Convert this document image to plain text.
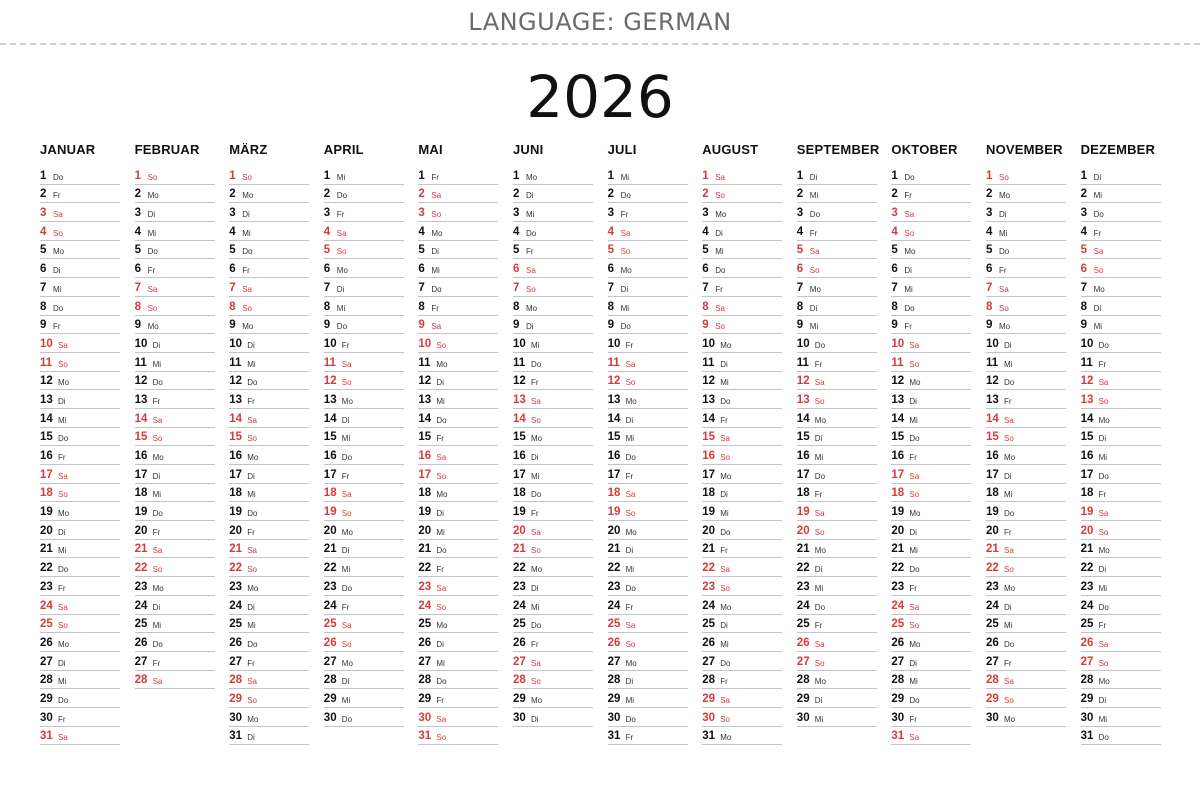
LANGUAGE: GERMAN
2026
JANUAR
1 Do
2 Fr
3 Sa
4 So
5 Mo
6 Di
7 Mi
8 Do
9 Fr
10 Sa
11 So
12 Mo
13 Di
14 Mi
15 Do
16 Fr
17 Sa
18 So
19 Mo
20 Di
21 Mi
22 Do
23 Fr
24 Sa
25 So
26 Mo
27 Di
28 Mi
29 Do
30 Fr
31 Sa
FEBRUAR
1 So
2 Mo
3 Di
4 Mi
5 Do
6 Fr
7 Sa
8 So
9 Mo
10 Di
11 Mi
12 Do
13 Fr
14 Sa
15 So
16 Mo
17 Di
18 Mi
19 Do
20 Fr
21 Sa
22 So
23 Mo
24 Di
25 Mi
26 Do
27 Fr
28 Sa
MÄRZ
1 So
2 Mo
3 Di
4 Mi
5 Do
6 Fr
7 Sa
8 So
9 Mo
10 Di
11 Mi
12 Do
13 Fr
14 Sa
15 So
16 Mo
17 Di
18 Mi
19 Do
20 Fr
21 Sa
22 So
23 Mo
24 Di
25 Mi
26 Do
27 Fr
28 Sa
29 So
30 Mo
31 Di
APRIL
1 Mi
2 Do
3 Fr
4 Sa
5 So
6 Mo
7 Di
8 Mi
9 Do
10 Fr
11 Sa
12 So
13 Mo
14 Di
15 Mi
16 Do
17 Fr
18 Sa
19 So
20 Mo
21 Di
22 Mi
23 Do
24 Fr
25 Sa
26 So
27 Mo
28 Di
29 Mi
30 Do
MAI
1 Fr
2 Sa
3 So
4 Mo
5 Di
6 Mi
7 Do
8 Fr
9 Sa
10 So
11 Mo
12 Di
13 Mi
14 Do
15 Fr
16 Sa
17 So
18 Mo
19 Di
20 Mi
21 Do
22 Fr
23 Sa
24 So
25 Mo
26 Di
27 Mi
28 Do
29 Fr
30 Sa
31 So
JUNI
1 Mo
2 Di
3 Mi
4 Do
5 Fr
6 Sa
7 So
8 Mo
9 Di
10 Mi
11 Do
12 Fr
13 Sa
14 So
15 Mo
16 Di
17 Mi
18 Do
19 Fr
20 Sa
21 So
22 Mo
23 Di
24 Mi
25 Do
26 Fr
27 Sa
28 So
29 Mo
30 Di
JULI
1 Mi
2 Do
3 Fr
4 Sa
5 So
6 Mo
7 Di
8 Mi
9 Do
10 Fr
11 Sa
12 So
13 Mo
14 Di
15 Mi
16 Do
17 Fr
18 Sa
19 So
20 Mo
21 Di
22 Mi
23 Do
24 Fr
25 Sa
26 So
27 Mo
28 Di
29 Mi
30 Do
31 Fr
AUGUST
1 Sa
2 So
3 Mo
4 Di
5 Mi
6 Do
7 Fr
8 Sa
9 So
10 Mo
11 Di
12 Mi
13 Do
14 Fr
15 Sa
16 So
17 Mo
18 Di
19 Mi
20 Do
21 Fr
22 Sa
23 So
24 Mo
25 Di
26 Mi
27 Do
28 Fr
29 Sa
30 So
31 Mo
SEPTEMBER
1 Di
2 Mi
3 Do
4 Fr
5 Sa
6 So
7 Mo
8 Di
9 Mi
10 Do
11 Fr
12 Sa
13 So
14 Mo
15 Di
16 Mi
17 Do
18 Fr
19 Sa
20 So
21 Mo
22 Di
23 Mi
24 Do
25 Fr
26 Sa
27 So
28 Mo
29 Di
30 Mi
OKTOBER
1 Do
2 Fr
3 Sa
4 So
5 Mo
6 Di
7 Mi
8 Do
9 Fr
10 Sa
11 So
12 Mo
13 Di
14 Mi
15 Do
16 Fr
17 Sa
18 So
19 Mo
20 Di
21 Mi
22 Do
23 Fr
24 Sa
25 So
26 Mo
27 Di
28 Mi
29 Do
30 Fr
31 Sa
NOVEMBER
1 So
2 Mo
3 Di
4 Mi
5 Do
6 Fr
7 Sa
8 So
9 Mo
10 Di
11 Mi
12 Do
13 Fr
14 Sa
15 So
16 Mo
17 Di
18 Mi
19 Do
20 Fr
21 Sa
22 So
23 Mo
24 Di
25 Mi
26 Do
27 Fr
28 Sa
29 So
30 Mo
DEZEMBER
1 Di
2 Mi
3 Do
4 Fr
5 Sa
6 So
7 Mo
8 Di
9 Mi
10 Do
11 Fr
12 Sa
13 So
14 Mo
15 Di
16 Mi
17 Do
18 Fr
19 Sa
20 So
21 Mo
22 Di
23 Mi
24 Do
25 Fr
26 Sa
27 So
28 Mo
29 Di
30 Mi
31 Do
